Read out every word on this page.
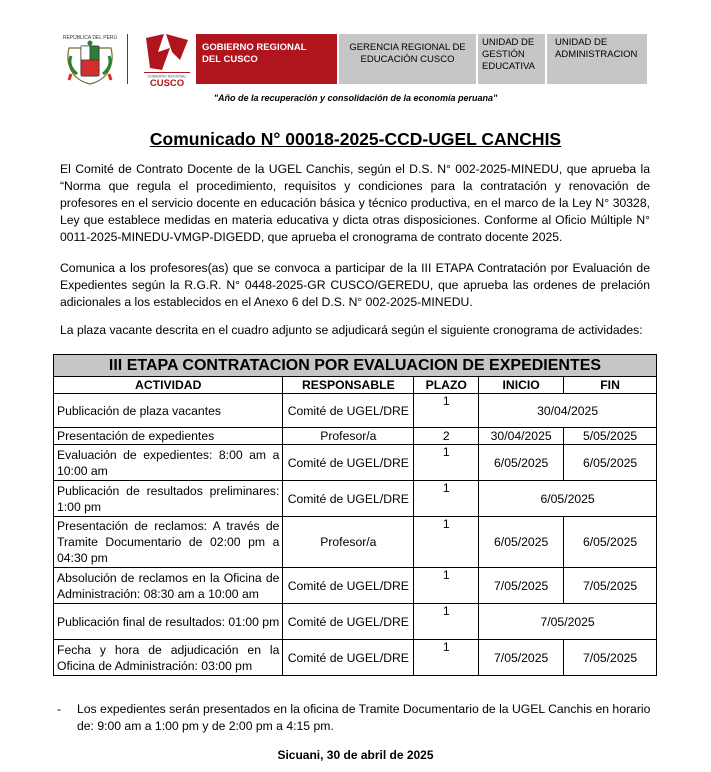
REPÚBLICA DEL PERÚ
GOBIERNO REGIONAL
CUSCO
GOBIERNO REGIONAL
DEL CUSCO
GERENCIA REGIONAL DE
EDUCACIÓN CUSCO
UNIDAD DE
GESTIÓN
EDUCATIVA
UNIDAD DE
ADMINISTRACION
"Año de la recuperación y consolidación de la economía peruana"
Comunicado N° 00018-2025-CCD-UGEL CANCHIS

El Comité de Contrato Docente de la UGEL Canchis, según el D.S. N° 002-2025-MINEDU, que aprueba la “Norma que regula el procedimiento, requisitos y condiciones para la contratación y renovación de profesores en el servicio docente en educación básica y técnico productiva, en el marco de la Ley N° 30328, Ley que establece medidas en materia educativa y dicta otras disposiciones. Conforme al Oficio Múltiple N° 0011-2025-MINEDU-VMGP-DIGEDD, que aprueba el cronograma de contrato docente 2025.

Comunica a los profesores(as) que se convoca a participar de la III ETAPA Contratación por Evaluación de Expedientes según la R.G.R. N° 0448-2025-GR CUSCO/GEREDU, que aprueba las ordenes de prelación adicionales a los establecidos en el Anexo 6 del D.S. N° 002-2025-MINEDU.

La plaza vacante descrita en el cuadro adjunto se adjudicará según el siguiente cronograma de actividades:

III ETAPA CONTRATACION POR EVALUACION DE EXPEDIENTES				
ACTIVIDAD	RESPONSABLE	PLAZO	INICIO	FIN
Publicación de plaza vacantes	Comité de UGEL/DRE	1	30/04/2025	
Presentación de expedientes	Profesor/a	2	30/04/2025	5/05/2025
Evaluación de expedientes: 8:00 am a 10:00 am	Comité de UGEL/DRE	1	6/05/2025	6/05/2025
Publicación de resultados preliminares: 1:00 pm	Comité de UGEL/DRE	1	6/05/2025	
Presentación de reclamos: A través de Tramite Documentario de 02:00 pm a 04:30 pm	Profesor/a	1	6/05/2025	6/05/2025
Absolución de reclamos en la Oficina de Administración: 08:30 am a 10:00 am	Comité de UGEL/DRE	1	7/05/2025	7/05/2025
Publicación final de resultados: 01:00 pm	Comité de UGEL/DRE	1	7/05/2025	
Fecha y hora de adjudicación en la Oficina de Administración: 03:00 pm	Comité de UGEL/DRE	1	7/05/2025	7/05/2025
- Los expedientes serán presentados en la oficina de Tramite Documentario de la UGEL Canchis en horario de: 9:00 am a 1:00 pm y de 2:00 pm a 4:15 pm.
Sicuani, 30 de abril de 2025
